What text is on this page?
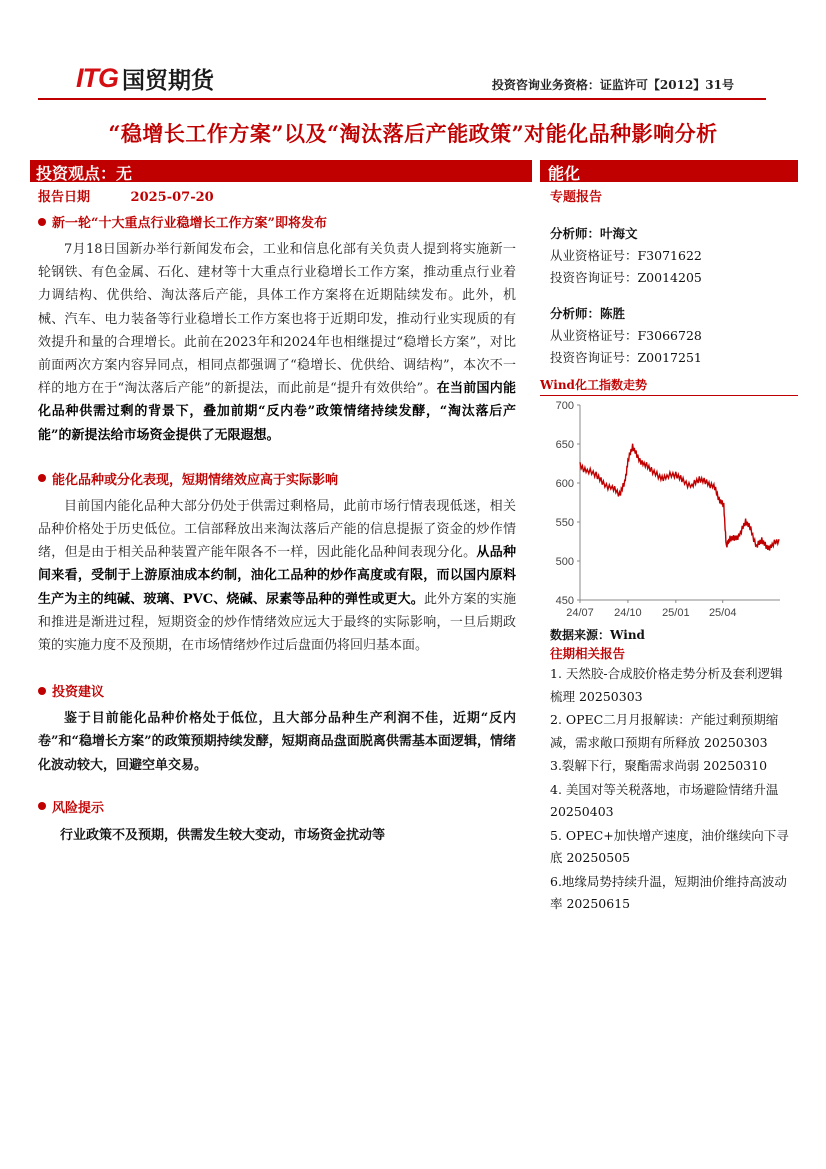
ITG 国贸期货	投资咨询业务资格：证监许可【2012】31号
“稳增长工作方案”以及“淘汰落后产能政策”对能化品种影响分析
投资观点：无	能化
报告日期	2025-07-20
新一轮“十大重点行业稳增长工作方案”即将发布

7月18日国新办举行新闻发布会，工业和信息化部有关负责人提到将实施新一轮钢铁、有色金属、石化、建材等十大重点行业稳增长工作方案，推动重点行业着力调结构、优供给、淘汰落后产能，具体工作方案将在近期陆续发布。此外，机械、汽车、电力装备等行业稳增长工作方案也将于近期印发，推动行业实现质的有效提升和量的合理增长。此前在2023年和2024年也相继提过“稳增长方案”，对比前面两次方案内容异同点，相同点都强调了“稳增长、优供给、调结构”，本次不一样的地方在于“淘汰落后产能”的新提法，而此前是“提升有效供给”。在当前国内能化品种供需过剩的背景下，叠加前期“反内卷”政策情绪持续发酵，“淘汰落后产能”的新提法给市场资金提供了无限遐想。

能化品种或分化表现，短期情绪效应高于实际影响

目前国内能化品种大部分仍处于供需过剩格局，此前市场行情表现低迷，相关品种价格处于历史低位。工信部释放出来淘汰落后产能的信息提振了资金的炒作情绪，但是由于相关品种装置产能年限各不一样，因此能化品种间表现分化。从品种间来看，受制于上游原油成本约制，油化工品种的炒作高度或有限，而以国内原料生产为主的纯碱、玻璃、PVC、烧碱、尿素等品种的弹性或更大。此外方案的实施和推进是渐进过程，短期资金的炒作情绪效应远大于最终的实际影响，一旦后期政策的实施力度不及预期，在市场情绪炒作过后盘面仍将回归基本面。

投资建议

鉴于目前能化品种价格处于低位，且大部分品种生产利润不佳，近期“反内卷”和“稳增长方案”的政策预期持续发酵，短期商品盘面脱离供需基本面逻辑，情绪化波动较大，回避空单交易。

风险提示

行业政策不及预期，供需发生较大变动，市场资金扰动等

专题报告
分析师：叶海文
从业资格证号：F3071622
投资咨询证号：Z0014205
分析师：陈胜
从业资格证号：F3066728
投资咨询证号：Z0017251
Wind化工指数走势
450
500
550
600
650
700
24/07 24/10 25/01 25/04
数据来源：Wind
往期相关报告
1. 天然胶-合成胶价格走势分析及套利逻辑梳理 20250303
2. OPEC二月月报解读：产能过剩预期缩减，需求敞口预期有所释放 20250303
3.裂解下行，聚酯需求尚弱 20250310
4. 美国对等关税落地，市场避险情绪升温 20250403
5. OPEC+加快增产速度，油价继续向下寻底 20250505
6.地缘局势持续升温，短期油价维持高波动率 20250615
